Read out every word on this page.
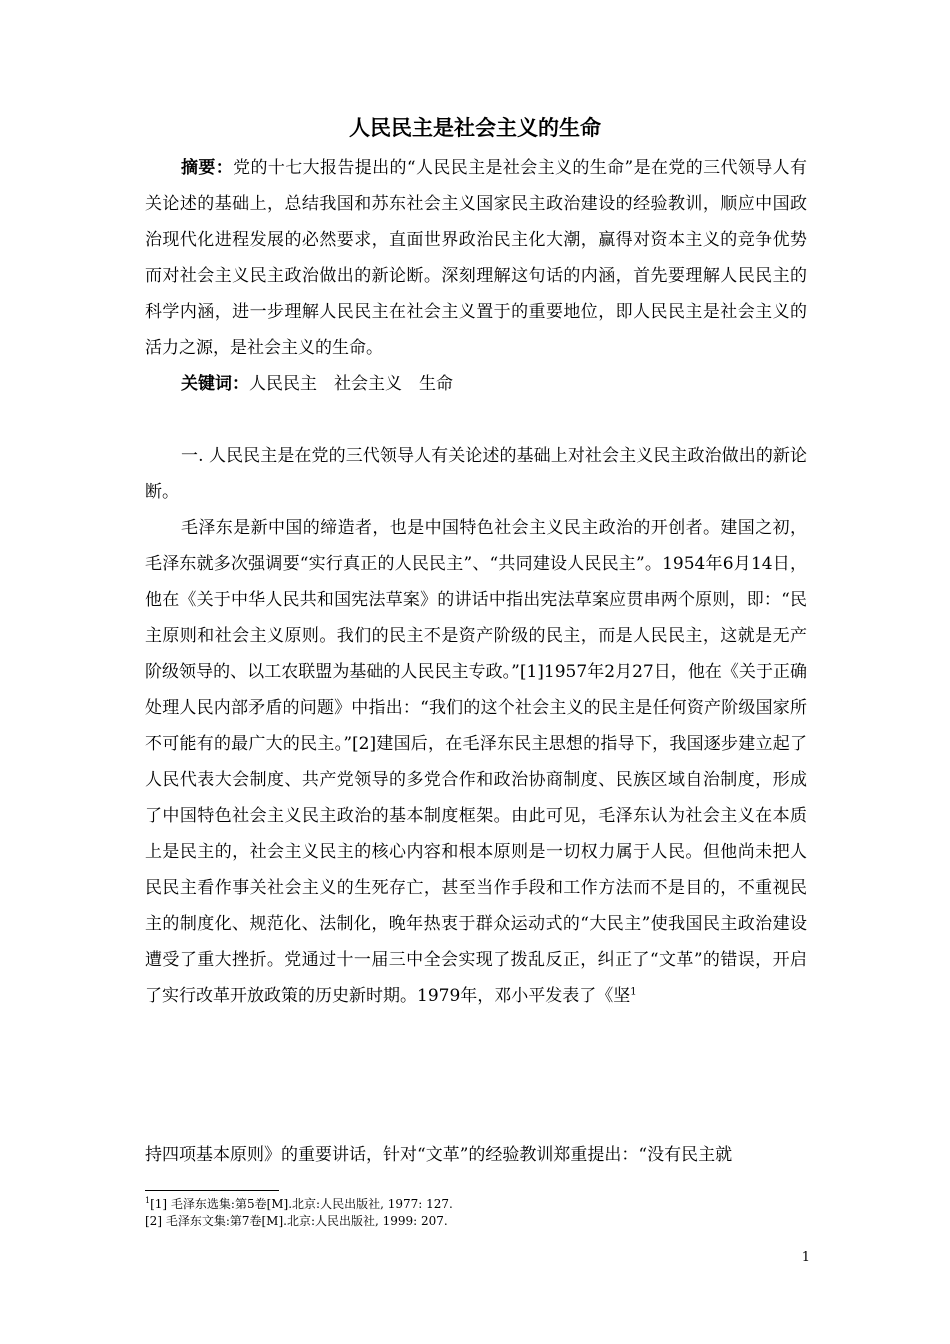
人民民主是社会主义的生命

摘要：党的十七大报告提出的“人民民主是社会主义的生命”是在党的三代领导人有关论述的基础上，总结我国和苏东社会主义国家民主政治建设的经验教训，顺应中国政治现代化进程发展的必然要求，直面世界政治民主化大潮，赢得对资本主义的竞争优势而对社会主义民主政治做出的新论断。深刻理解这句话的内涵，首先要理解人民民主的科学内涵，进一步理解人民民主在社会主义置于的重要地位，即人民民主是社会主义的活力之源，是社会主义的生命。

关键词：人民民主　社会主义　生命

一. 人民民主是在党的三代领导人有关论述的基础上对社会主义民主政治做出的新论断。

毛泽东是新中国的缔造者，也是中国特色社会主义民主政治的开创者。建国之初，毛泽东就多次强调要“实行真正的人民民主”、“共同建设人民民主”。1954年6月14日，他在《关于中华人民共和国宪法草案》的讲话中指出宪法草案应贯串两个原则，即：“民主原则和社会主义原则。我们的民主不是资产阶级的民主，而是人民民主，这就是无产阶级领导的、以工农联盟为基础的人民民主专政。”[1]1957年2月27日，他在《关于正确处理人民内部矛盾的问题》中指出：“我们的这个社会主义的民主是任何资产阶级国家所不可能有的最广大的民主。”[2]建国后，在毛泽东民主思想的指导下，我国逐步建立起了人民代表大会制度、共产党领导的多党合作和政治协商制度、民族区域自治制度，形成了中国特色社会主义民主政治的基本制度框架。由此可见，毛泽东认为社会主义在本质上是民主的，社会主义民主的核心内容和根本原则是一切权力属于人民。但他尚未把人民民主看作事关社会主义的生死存亡，甚至当作手段和工作方法而不是目的，不重视民主的制度化、规范化、法制化，晚年热衷于群众运动式的“大民主”使我国民主政治建设遭受了重大挫折。党通过十一届三中全会实现了拨乱反正，纠正了“文革”的错误，开启了实行改革开放政策的历史新时期。1979年，邓小平发表了《坚$^1$

持四项基本原则》的重要讲话，针对“文革”的经验教训郑重提出：“没有民主就

$^1$[1] 毛泽东选集:第5卷[M].北京:人民出版社, 1977: 127.
[2] 毛泽东文集:第7卷[M].北京:人民出版社, 1999: 207.
1
